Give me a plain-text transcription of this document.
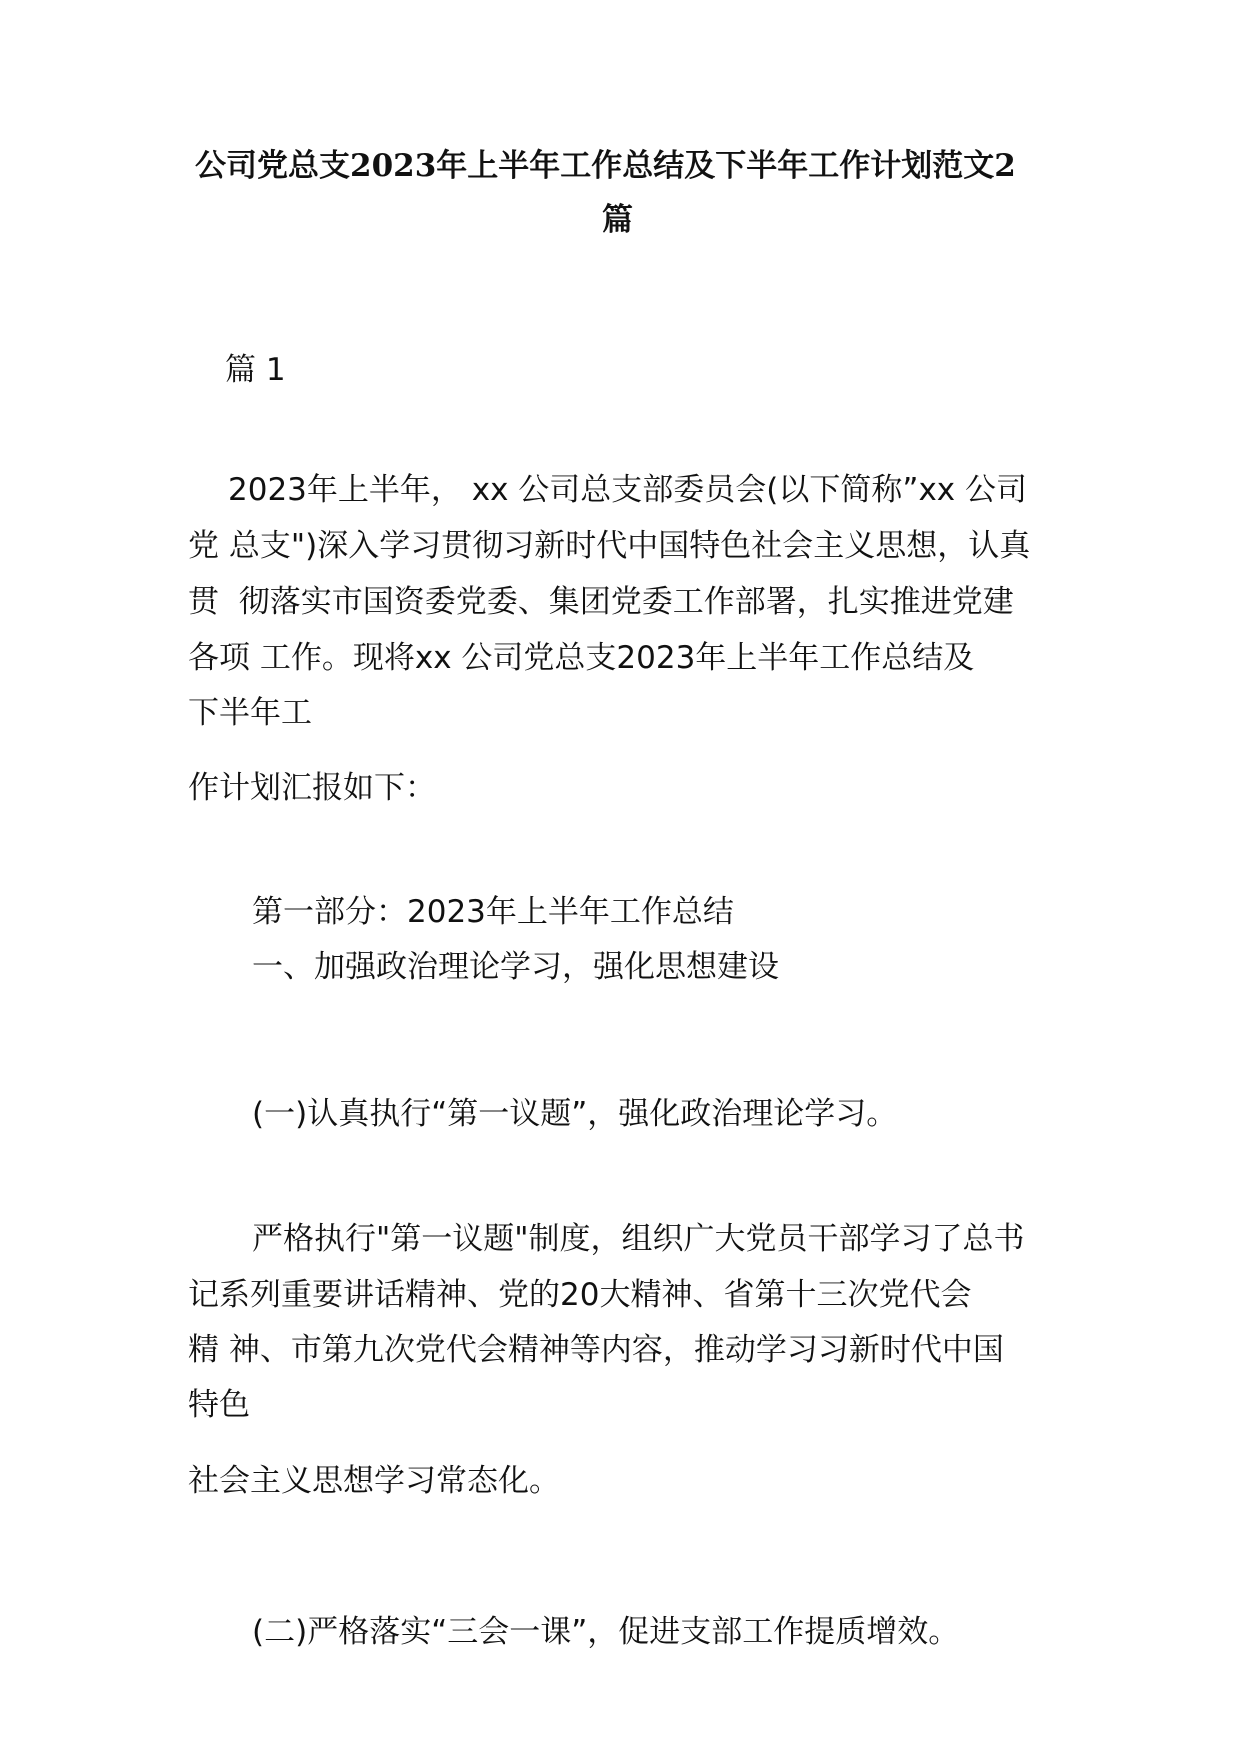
公司党总支2023年上半年工作总结及下半年工作计划范文2
篇
篇 1
2023年上半年， xx 公司总支部委员会(以下简称”xx 公司
党 总支")深入学习贯彻习新时代中国特色社会主义思想，认真
贯  彻落实市国资委党委、集团党委工作部署，扎实推进党建
各项 工作。现将xx 公司党总支2023年上半年工作总结及
下半年工
作计划汇报如下：
第一部分：2023年上半年工作总结
一、加强政治理论学习，强化思想建设
(一)认真执行“第一议题”，强化政治理论学习。
严格执行"第一议题"制度，组织广大党员干部学习了总书
记系列重要讲话精神、党的20大精神、省第十三次党代会
精 神、市第九次党代会精神等内容，推动学习习新时代中国
特色
社会主义思想学习常态化。
(二)严格落实“三会一课”，促进支部工作提质增效。
